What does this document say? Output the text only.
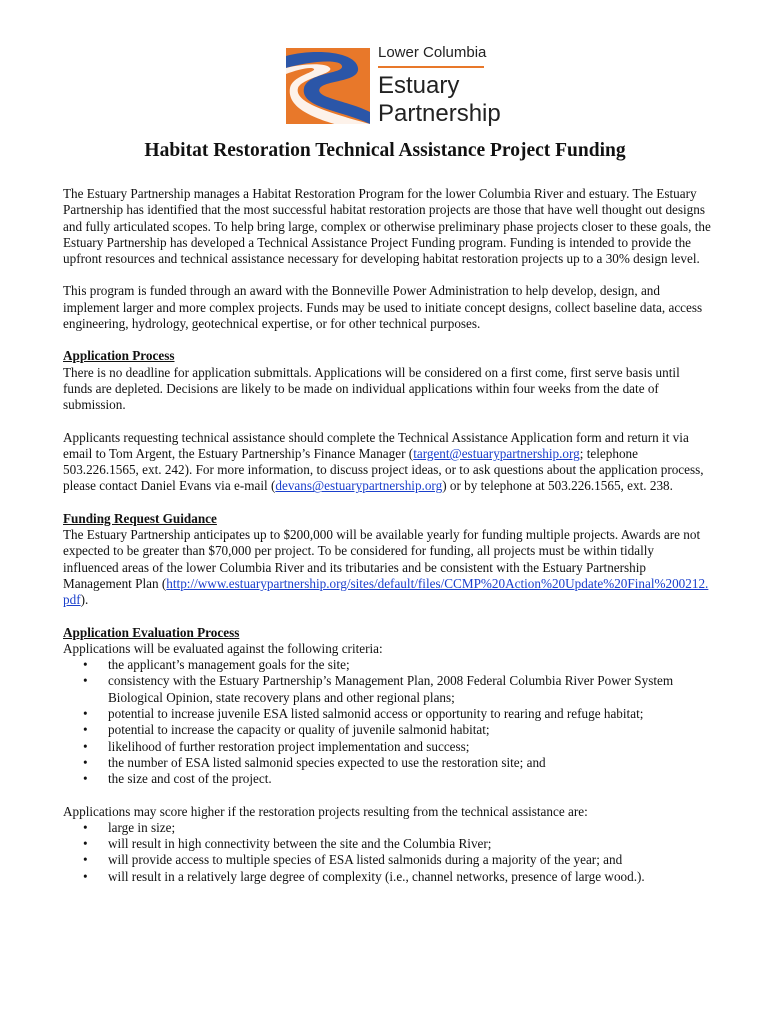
Lower Columbia
Estuary
Partnership
Habitat Restoration Technical Assistance Project Funding

The Estuary Partnership manages a Habitat Restoration Program for the lower Columbia River and estuary. The Estuary Partnership has identified that the most successful habitat restoration projects are those that have well thought out designs and fully articulated scopes. To help bring large, complex or otherwise preliminary phase projects closer to these goals, the Estuary Partnership has developed a Technical Assistance Project Funding program. Funding is intended to provide the upfront resources and technical assistance necessary for developing habitat restoration projects up to a 30% design level.

This program is funded through an award with the Bonneville Power Administration to help develop, design, and implement larger and more complex projects. Funds may be used to initiate concept designs, collect baseline data, access engineering, hydrology, geotechnical expertise, or for other technical purposes.

Application Process

There is no deadline for application submittals. Applications will be considered on a first come, first serve basis until funds are depleted. Decisions are likely to be made on individual applications within four weeks from the date of submission.

Applicants requesting technical assistance should complete the Technical Assistance Application form and return it via email to Tom Argent, the Estuary Partnership’s Finance Manager (targent@estuarypartnership.org; telephone 503.226.1565, ext. 242). For more information, to discuss project ideas, or to ask questions about the application process, please contact Daniel Evans via e-mail (devans@estuarypartnership.org) or by telephone at 503.226.1565, ext. 238.

Funding Request Guidance

The Estuary Partnership anticipates up to $200,000 will be available yearly for funding multiple projects. Awards are not expected to be greater than $70,000 per project. To be considered for funding, all projects must be within tidally influenced areas of the lower Columbia River and its tributaries and be consistent with the Estuary Partnership Management Plan (http://www.estuarypartnership.org/sites/default/files/CCMP%20Action%20Update%20Final%200212.pdf).

Application Evaluation Process
Applications will be evaluated against the following criteria:
• the applicant’s management goals for the site;
• consistency with the Estuary Partnership’s Management Plan, 2008 Federal Columbia River Power System Biological Opinion, state recovery plans and other regional plans;
• potential to increase juvenile ESA listed salmonid access or opportunity to rearing and refuge habitat;
• potential to increase the capacity or quality of juvenile salmonid habitat;
• likelihood of further restoration project implementation and success;
• the number of ESA listed salmonid species expected to use the restoration site; and
• the size and cost of the project.
Applications may score higher if the restoration projects resulting from the technical assistance are:
• large in size;
• will result in high connectivity between the site and the Columbia River;
• will provide access to multiple species of ESA listed salmonids during a majority of the year; and
• will result in a relatively large degree of complexity (i.e., channel networks, presence of large wood.).
